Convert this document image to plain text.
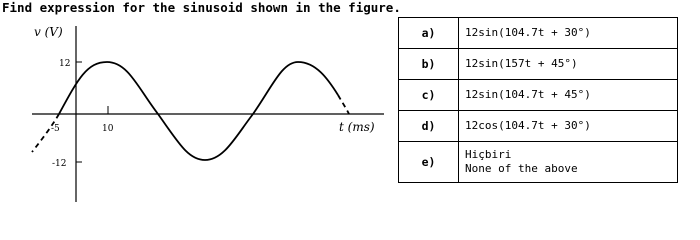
Find expression for the sinusoid shown in the figure.
v (V)
t (ms)
12
-12
-5	10
a)	12sin(104.7t + 30°)

b)	12sin(157t + 45°)

c)	12sin(104.7t + 45°)

d)	12cos(104.7t + 30°)

e)	Hiçbiri
None of the above
